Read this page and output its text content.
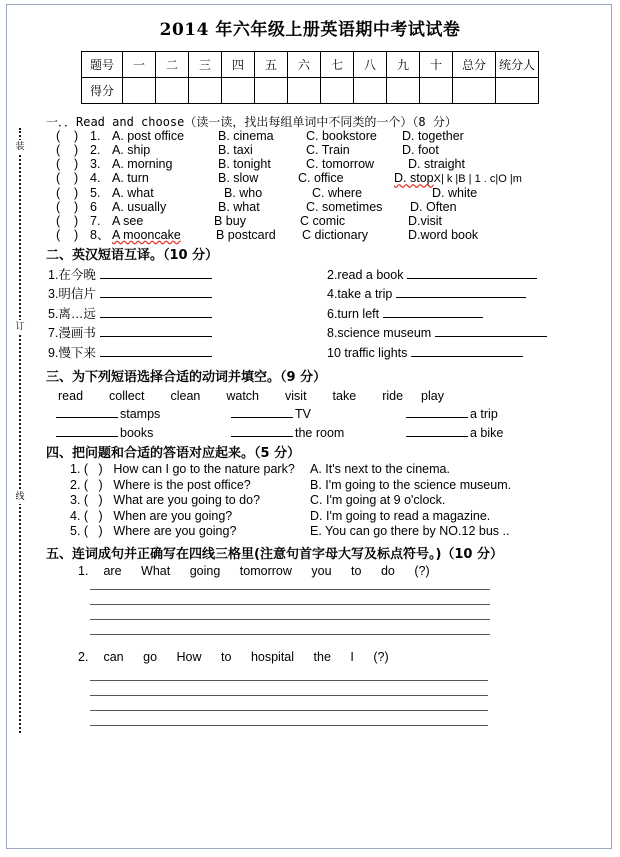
装
订
线
2014 年六年级上册英语期中考试试卷
题号	一	二	三	四	五	六	七	八	九	十	总分	统分人
得分												
一．．Read and choose（读一读，找出每组单词中不同类的一个）（8 分）
(    ) 1. A. post office	B. cinema	C. bookstore	D. together
(    ) 2. A. ship	B. taxi	C. Train	D. foot
(    ) 3. A. morning	B. tonight	C. tomorrow	D. straight
(    ) 4. A. turn	B. slow	C. office	D. stop X| k |B | 1 . c|O |m
(    ) 5. A. what	B. who	C. where	D. white
(    ) 6	A. usually	B. what	C. sometimes	D. Often
(    ) 7. A see	B buy	C comic	D.visit
(    ) 8、 A mooncake	B postcard	C dictionary	D.word book
二、英汉短语互译。（10 分）
1.在今晚	2.read a book
3.明信片	4.take a trip
5.离…远	6.turn left
7.漫画书	8.science museum
9.慢下来	10 traffic lights
三、为下列短语选择合适的动词并填空。（9 分）
read collect clean watch visit take ride play
stamps	TV	a trip
books	the room	a bike
四、把问题和合适的答语对应起来。（5 分）
1. (   ) How can I go to the nature park?	A. It's next to the cinema.
2. (   ) Where is the post office?	B. I'm going to the science museum.
3. (   ) What are you going to do?	C. I'm going at 9 o'clock.
4. (   ) When are you going?	D. I'm going to read a magazine.
5. (   ) Where are you going?	E. You can go there by NO.12 bus ..
五、连词成句并正确写在四线三格里(注意句首字母大写及标点符号。)（10 分）
1. are What going tomorrow you to do (?)
2. can go How to hospital the I (?)
